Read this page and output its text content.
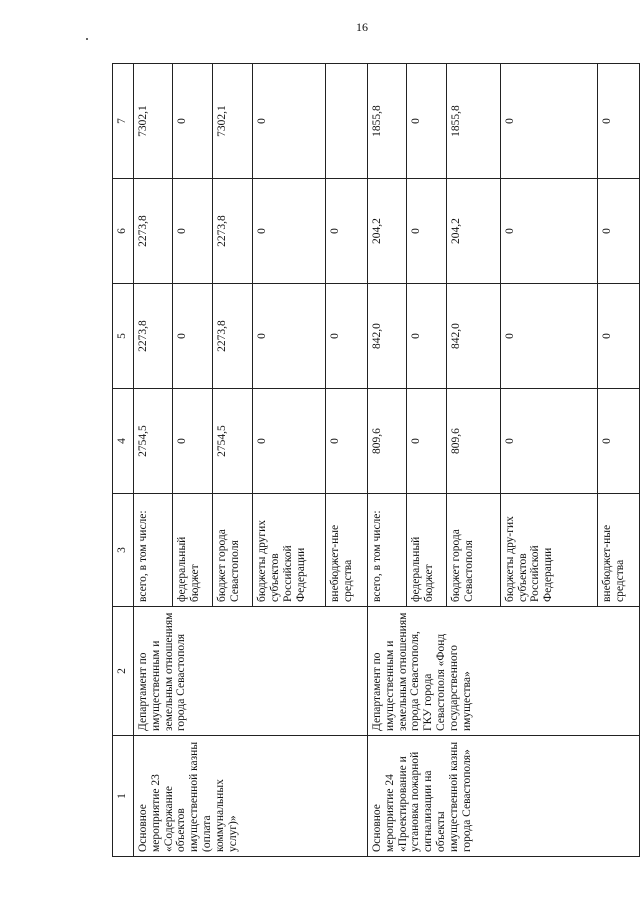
16
1	2	3	4	5	6	7
Основное мероприятие 23 «Содержание объектов имущественной казны (оплата коммунальных услуг)»	Департамент по имущественным и земельным отношениям города Севастополя	всего, в том числе:	2754,5	2273,8	2273,8	7302,1
		федеральный бюджет	0	0	0	0
		бюджет города Севастополя	2754,5	2273,8	2273,8	7302,1
		бюджеты других субъектов Российской Федерации	0	0	0	0
		внебюджет-ные средства	0	0	0	
Основное мероприятие 24 «Проектирование и установка пожарной сигнализации на объекты имущественной казны города Севастополя»	Департамент по имущественным и земельным отношениям города Севастополя, ГКУ города Севастополя «Фонд государственного имущества»	всего, в том числе:	809,6	842,0	204,2	1855,8
		федеральный бюджет	0	0	0	0
		бюджет города Севастополя	809,6	842,0	204,2	1855,8
		бюджеты дру-гих субъектов Российской Федерации	0	0	0	0
		внебюджет-ные средства	0	0	0	0
